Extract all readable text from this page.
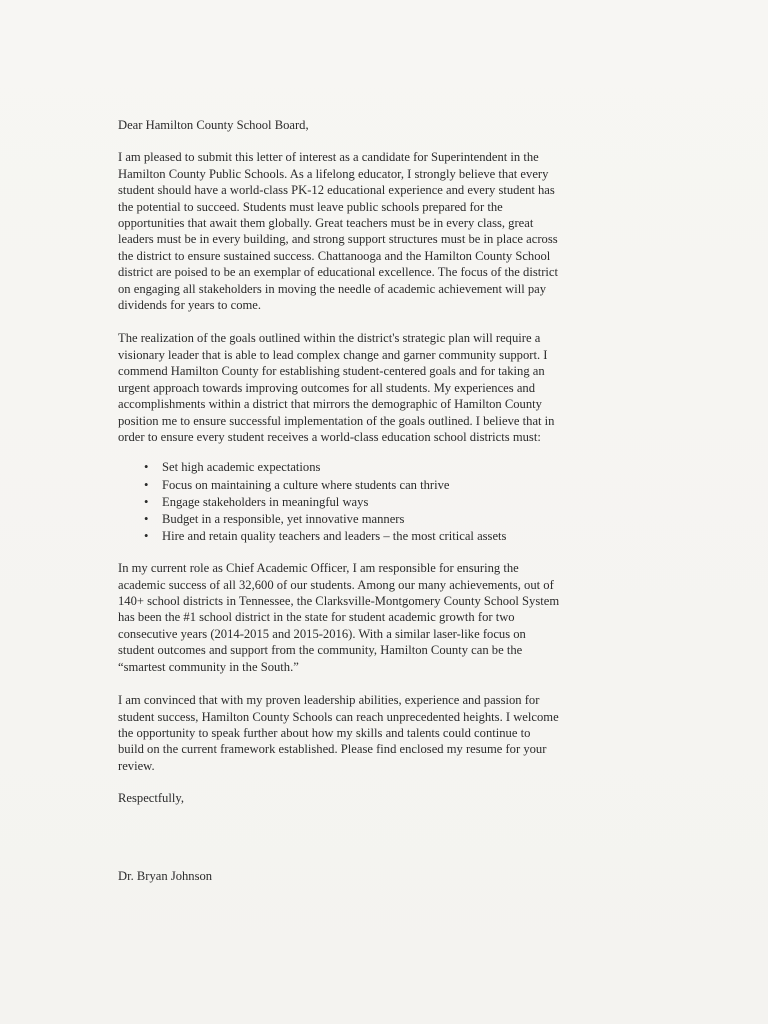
Dear Hamilton County School Board,
I am pleased to submit this letter of interest as a candidate for Superintendent in the
Hamilton County Public Schools. As a lifelong educator, I strongly believe that every
student should have a world-class PK-12 educational experience and every student has
the potential to succeed. Students must leave public schools prepared for the
opportunities that await them globally. Great teachers must be in every class, great
leaders must be in every building, and strong support structures must be in place across
the district to ensure sustained success. Chattanooga and the Hamilton County School
district are poised to be an exemplar of educational excellence. The focus of the district
on engaging all stakeholders in moving the needle of academic achievement will pay
dividends for years to come.
The realization of the goals outlined within the district's strategic plan will require a
visionary leader that is able to lead complex change and garner community support. I
commend Hamilton County for establishing student-centered goals and for taking an
urgent approach towards improving outcomes for all students. My experiences and
accomplishments within a district that mirrors the demographic of Hamilton County
position me to ensure successful implementation of the goals outlined. I believe that in
order to ensure every student receives a world-class education school districts must:
• Set high academic expectations
• Focus on maintaining a culture where students can thrive
• Engage stakeholders in meaningful ways
• Budget in a responsible, yet innovative manners
• Hire and retain quality teachers and leaders – the most critical assets
In my current role as Chief Academic Officer, I am responsible for ensuring the
academic success of all 32,600 of our students. Among our many achievements, out of
140+ school districts in Tennessee, the Clarksville-Montgomery County School System
has been the #1 school district in the state for student academic growth for two
consecutive years (2014-2015 and 2015-2016). With a similar laser-like focus on
student outcomes and support from the community, Hamilton County can be the
“smartest community in the South.”
I am convinced that with my proven leadership abilities, experience and passion for
student success, Hamilton County Schools can reach unprecedented heights. I welcome
the opportunity to speak further about how my skills and talents could continue to
build on the current framework established. Please find enclosed my resume for your
review.
Respectfully,
Dr. Bryan Johnson
